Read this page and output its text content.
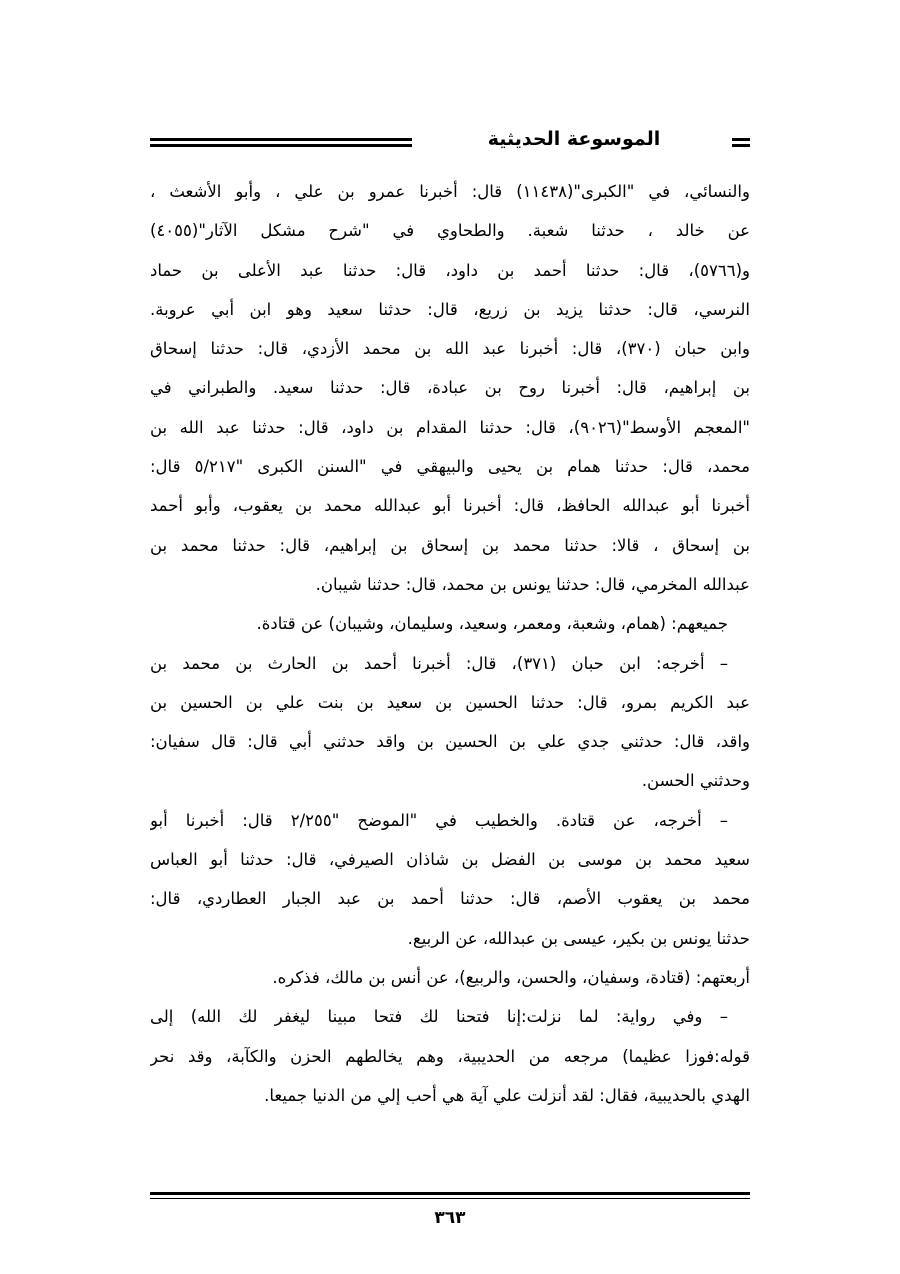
الموسوعة الحديثية
والنسائي، في "الكبرى"(١١٤٣٨) قال: أخبرنا عمرو بن علي ، وأبو الأشعث ،
عن خالد ، حدثنا شعبة. والطحاوي في "شرح مشكل الآثار"(٤٠٥٥)
و(٥٧٦٦)، قال: حدثنا أحمد بن داود، قال: حدثنا عبد الأعلى بن حماد
النرسي، قال: حدثنا يزيد بن زريع، قال: حدثنا سعيد وهو ابن أبي عروبة.
وابن حبان (٣٧٠)، قال: أخبرنا عبد الله بن محمد الأزدي، قال: حدثنا إسحاق
بن إبراهيم، قال: أخبرنا روح بن عبادة، قال: حدثنا سعيد. والطبراني في
"المعجم الأوسط"(٩٠٢٦)، قال: حدثنا المقدام بن داود، قال: حدثنا عبد الله بن
محمد، قال: حدثنا همام بن يحيى والبيهقي في "السنن الكبرى "٥/٢١٧ قال:
أخبرنا أبو عبدالله الحافظ، قال: أخبرنا أبو عبدالله محمد بن يعقوب، وأبو أحمد
بن إسحاق ، قالا: حدثنا محمد بن إسحاق بن إبراهيم، قال: حدثنا محمد بن
عبدالله المخرمي، قال: حدثنا يونس بن محمد، قال: حدثنا شيبان.
جميعهم: (همام، وشعبة، ومعمر، وسعيد، وسليمان، وشيبان) عن قتادة.
– أخرجه: ابن حبان (٣٧١)، قال: أخبرنا أحمد بن الحارث بن محمد بن
عبد الكريم بمرو، قال: حدثنا الحسين بن سعيد بن بنت علي بن الحسين بن
واقد، قال: حدثني جدي علي بن الحسين بن واقد حدثني أبي قال: قال سفيان:
وحدثني الحسن.
– أخرجه، عن قتادة. والخطيب في "الموضح "٢/٢٥٥ قال: أخبرنا أبو
سعيد محمد بن موسى بن الفضل بن شاذان الصيرفي، قال: حدثنا أبو العباس
محمد بن يعقوب الأصم، قال: حدثنا أحمد بن عبد الجبار العطاردي، قال:
حدثنا يونس بن بكير، عيسى بن عبدالله، عن الربيع.
أربعتهم: (قتادة، وسفيان، والحسن، والربيع)، عن أنس بن مالك، فذكره.
– وفي رواية: لما نزلت:إنا فتحنا لك فتحا مبينا ليغفر لك الله) إلى
قوله:فوزا عظيما) مرجعه من الحديبية، وهم يخالطهم الحزن والكآبة، وقد نحر
الهدي بالحديبية، فقال: لقد أنزلت علي آية هي أحب إلي من الدنيا جميعا.
٣٦٣
